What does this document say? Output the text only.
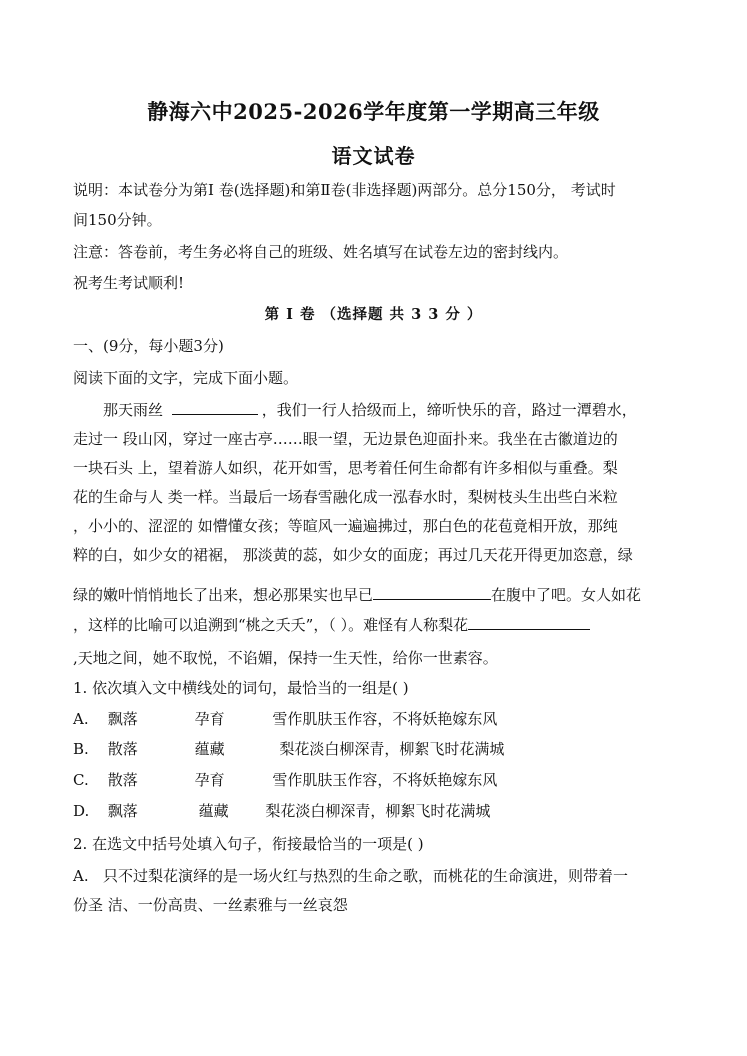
静海六中2025-2026学年度第一学期高三年级
语文试卷
说明：本试卷分为第I 卷(选择题)和第Ⅱ卷(非选择题)两部分。总分150分， 考试时
间150分钟。
注意：答卷前，考生务必将自己的班级、姓名填写在试卷左边的密封线内。
祝考生考试顺利!
第 I 卷 （选择题 共 3 3 分 ）
一、(9分，每小题3分)
阅读下面的文字，完成下面小题。
那天雨丝	，我们一行人拾级而上，缔听快乐的音，路过一潭碧水，
走过一 段山冈，穿过一座古亭……眼一望，无边景色迎面扑来。我坐在古徽道边的
一块石头 上，望着游人如织，花开如雪，思考着任何生命都有许多相似与重叠。梨
花的生命与人 类一样。当最后一场春雪融化成一泓春水时，梨树枝头生出些白米粒
，小小的、涩涩的 如懵懂女孩；等暄风一遍遍拂过，那白色的花苞竟相开放，那纯
粹的白，如少女的裙裾， 那淡黄的蕊，如少女的面庞；再过几天花开得更加恣意，绿
绿的嫩叶悄悄地长了出来，想必那果实也早已	在腹中了吧。女人如花
，这样的比喻可以追溯到“桃之夭夭”，（ ）。难怪有人称梨花
,天地之间，她不取悦，不谄媚，保持一生天性，给你一世素容。
1. 依次填入文中横线处的词句，最恰当的一组是( )
A. 飘落	孕育	雪作肌肤玉作容，不将妖艳嫁东风
B. 散落	蕴藏	梨花淡白柳深青，柳絮飞时花满城
C. 散落	孕育	雪作肌肤玉作容，不将妖艳嫁东风
D. 飘落	蕴藏 梨花淡白柳深青，柳絮飞时花满城
2. 在选文中括号处填入句子，衔接最恰当的一项是( )
A. 只不过梨花演绎的是一场火红与热烈的生命之歌，而桃花的生命演进，则带着一
份圣 洁、一份高贵、一丝素雅与一丝哀怨
